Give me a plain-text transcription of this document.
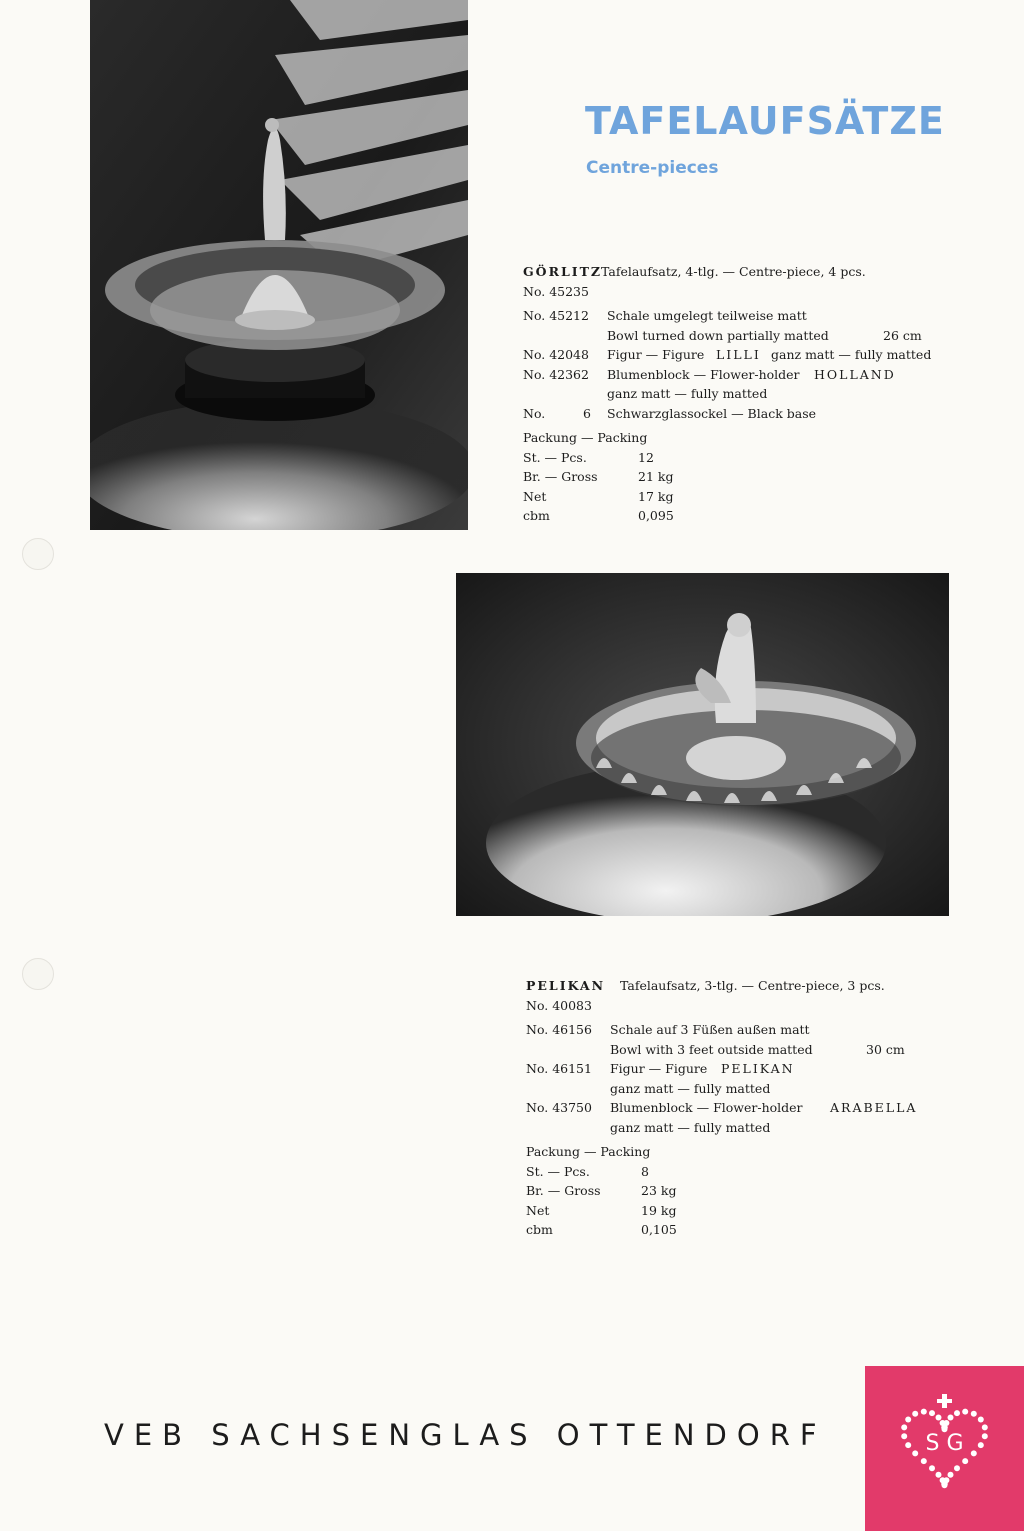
TAFELAUFSÄTZE
Centre-pieces
GÖRLITZ
Tafelaufsatz, 4-tlg. — Centre-piece, 4 pcs.
No. 45235
No. 45212 Schale umgelegt teilweise matt
Bowl turned down partially matted	26 cm
No. 42048 Figur — Figure LILLI ganz matt — fully matted
No. 42362 Blumenblock — Flower-holder HOLLAND
ganz matt — fully matted
No.	6 Schwarzglassockel — Black base
Packung — Packing
St. — Pcs.	12
Br. — Gross	21 kg
Net	17 kg
cbm	0,095
PELIKAN Tafelaufsatz, 3-tlg. — Centre-piece, 3 pcs.
No. 40083
No. 46156 Schale auf 3 Füßen außen matt
Bowl with 3 feet outside matted	30 cm
No. 46151 Figur — Figure PELIKAN
ganz matt — fully matted
No. 43750 Blumenblock — Flower-holder ARABELLA
ganz matt — fully matted
Packung — Packing
St. — Pcs.	8
Br. — Gross	23 kg
Net	19 kg
cbm	0,105
VEB SACHSENGLAS OTTENDORF	S G
